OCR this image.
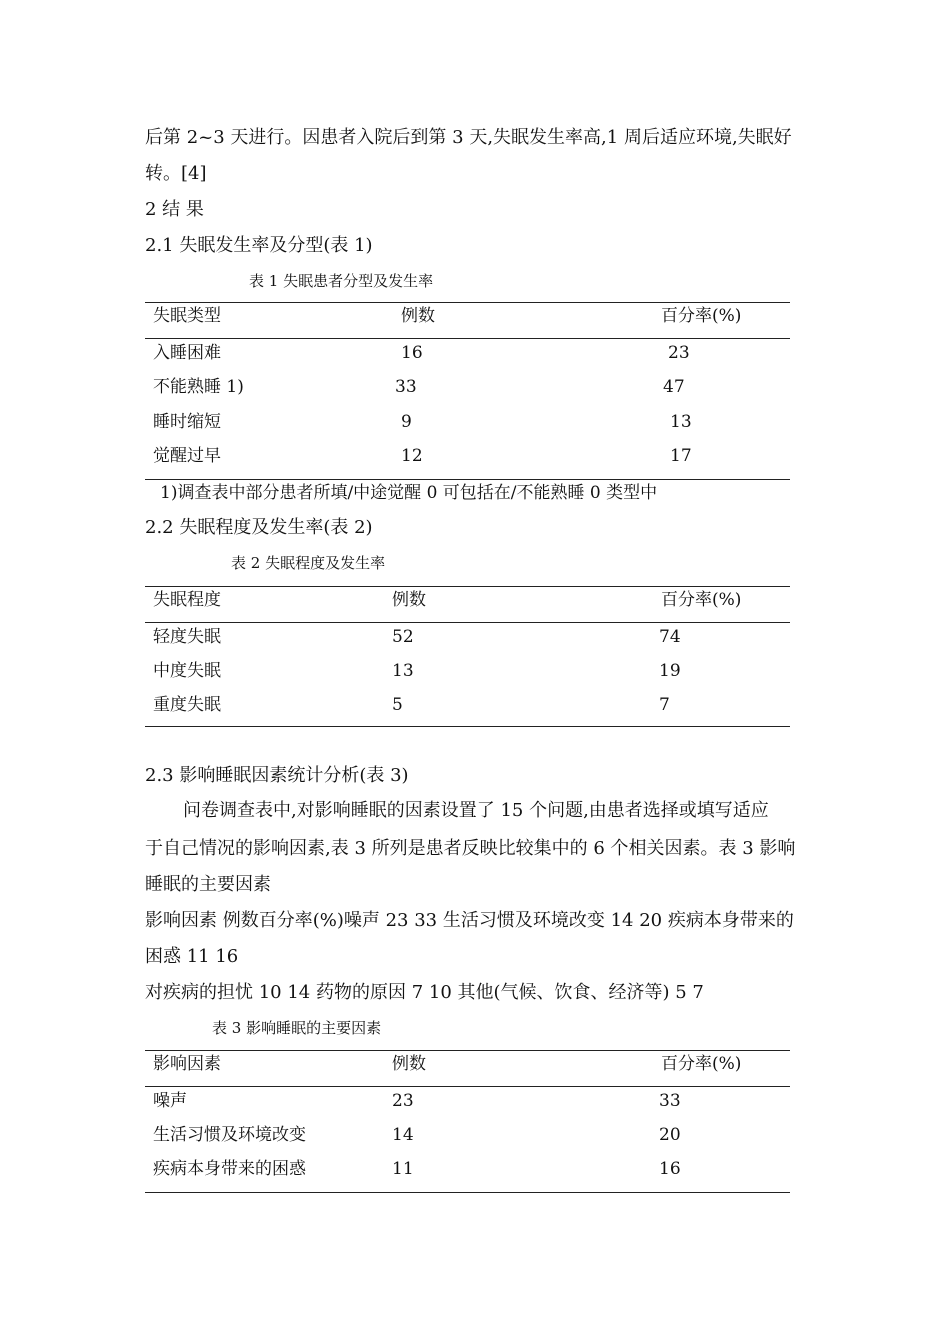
后第 2~3 天进行。因患者入院后到第 3 天,失眠发生率高,1 周后适应环境,失眠好
转。[4]
2 结 果
2.1 失眠发生率及分型(表 1)
表 1 失眠患者分型及发生率
失眠类型	例数	百分率(%)
入睡困难	16	23
不能熟睡 1)	33	47
睡时缩短	9	13
觉醒过早	12	17
1)调查表中部分患者所填/中途觉醒 0 可包括在/不能熟睡 0 类型中
2.2 失眠程度及发生率(表 2)
表 2 失眠程度及发生率
失眠程度	例数	百分率(%)
轻度失眠	52	74
中度失眠	13	19
重度失眠	5	7
2.3 影响睡眠因素统计分析(表 3)
问卷调查表中,对影响睡眠的因素设置了 15 个问题,由患者选择或填写适应
于自己情况的影响因素,表 3 所列是患者反映比较集中的 6 个相关因素。表 3 影响
睡眠的主要因素
影响因素 例数百分率(%)噪声 23 33 生活习惯及环境改变 14 20 疾病本身带来的
困惑 11 16
对疾病的担忧 10 14 药物的原因 7 10 其他(气候、饮食、经济等) 5 7
表 3 影响睡眠的主要因素
影响因素	例数	百分率(%)
噪声	23	33
生活习惯及环境改变	14	20
疾病本身带来的困惑	11	16
